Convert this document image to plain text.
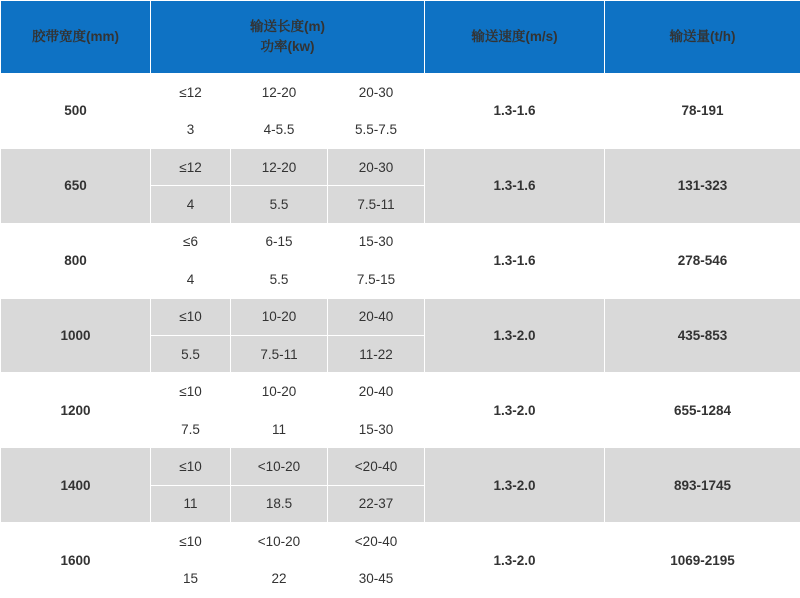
胶带宽度(mm)	输送长度(m)
功率(kw)			输送速度(m/s)	输送量(t/h)
500	≤12	12-20	20-30	1.3-1.6	78-191
	3	4-5.5	5.5-7.5		
650	≤12	12-20	20-30	1.3-1.6	131-323
	4	5.5	7.5-11		
800	≤6	6-15	15-30	1.3-1.6	278-546
	4	5.5	7.5-15		
1000	≤10	10-20	20-40	1.3-2.0	435-853
	5.5	7.5-11	11-22		
1200	≤10	10-20	20-40	1.3-2.0	655-1284
	7.5	11	15-30		
1400	≤10	<10-20	<20-40	1.3-2.0	893-1745
	11	18.5	22-37		
1600	≤10	<10-20	<20-40	1.3-2.0	1069-2195
	15	22	30-45		
